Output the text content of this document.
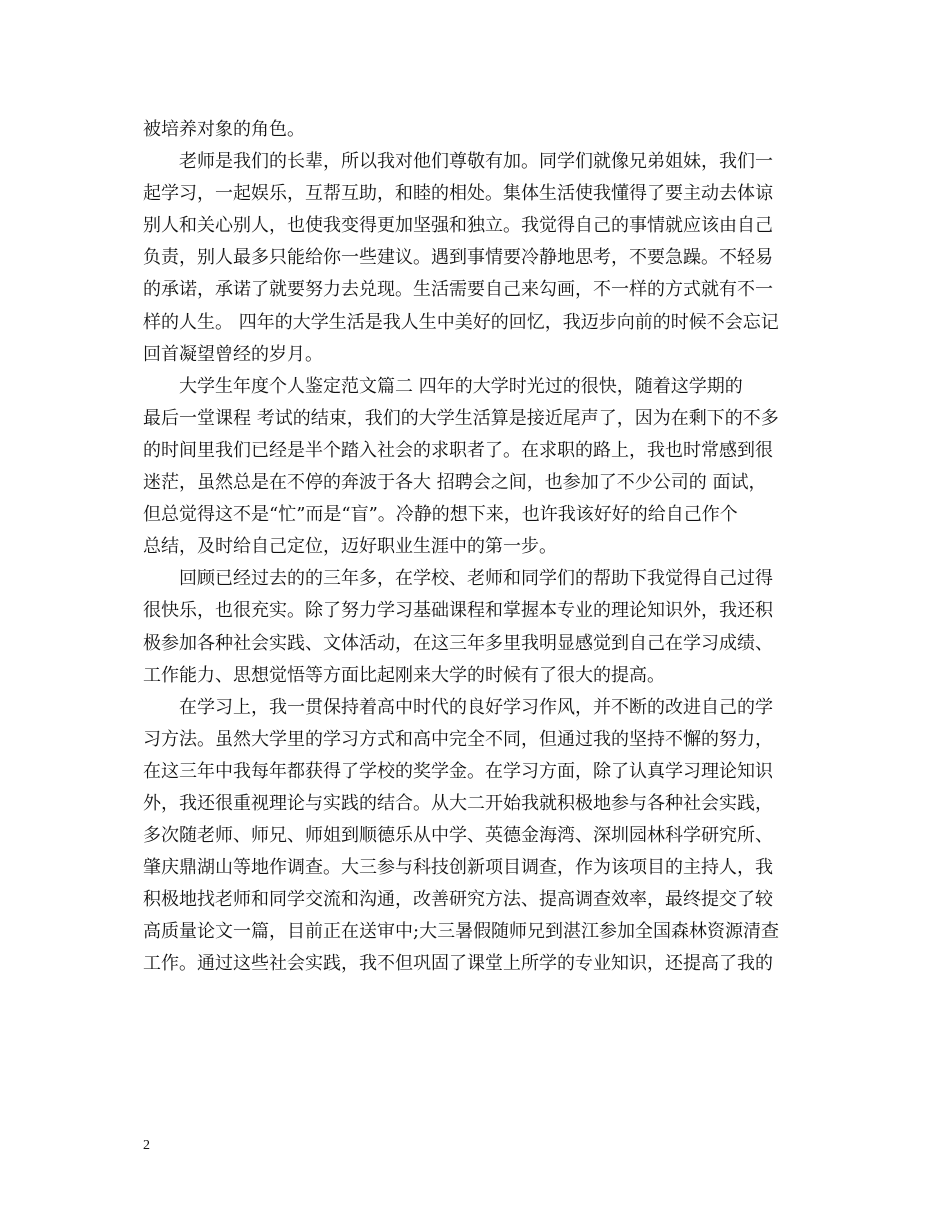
被培养对象的角色。
老师是我们的长辈，所以我对他们尊敬有加。同学们就像兄弟姐妹，我们一
起学习，一起娱乐，互帮互助，和睦的相处。集体生活使我懂得了要主动去体谅
别人和关心别人，也使我变得更加坚强和独立。我觉得自己的事情就应该由自己
负责，别人最多只能给你一些建议。遇到事情要冷静地思考，不要急躁。不轻易
的承诺，承诺了就要努力去兑现。生活需要自己来勾画，不一样的方式就有不一
样的人生。 四年的大学生活是我人生中美好的回忆，我迈步向前的时候不会忘记
回首凝望曾经的岁月。
大学生年度个人鉴定范文篇二 四年的大学时光过的很快，随着这学期的
最后一堂课程 考试的结束，我们的大学生活算是接近尾声了，因为在剩下的不多
的时间里我们已经是半个踏入社会的求职者了。在求职的路上，我也时常感到很
迷茫，虽然总是在不停的奔波于各大 招聘会之间，也参加了不少公司的 面试，
但总觉得这不是“忙”而是“盲”。冷静的想下来，也许我该好好的给自己作个
总结，及时给自己定位，迈好职业生涯中的第一步。
回顾已经过去的的三年多，在学校、老师和同学们的帮助下我觉得自己过得
很快乐，也很充实。除了努力学习基础课程和掌握本专业的理论知识外，我还积
极参加各种社会实践、文体活动，在这三年多里我明显感觉到自己在学习成绩、
工作能力、思想觉悟等方面比起刚来大学的时候有了很大的提高。
在学习上，我一贯保持着高中时代的良好学习作风，并不断的改进自己的学
习方法。虽然大学里的学习方式和高中完全不同，但通过我的坚持不懈的努力，
在这三年中我每年都获得了学校的奖学金。在学习方面，除了认真学习理论知识
外，我还很重视理论与实践的结合。从大二开始我就积极地参与各种社会实践，
多次随老师、师兄、师姐到顺德乐从中学、英德金海湾、深圳园林科学研究所、
肇庆鼎湖山等地作调查。大三参与科技创新项目调查，作为该项目的主持人，我
积极地找老师和同学交流和沟通，改善研究方法、提高调查效率，最终提交了较
高质量论文一篇，目前正在送审中;大三暑假随师兄到湛江参加全国森林资源清查
工作。通过这些社会实践，我不但巩固了课堂上所学的专业知识，还提高了我的
2
